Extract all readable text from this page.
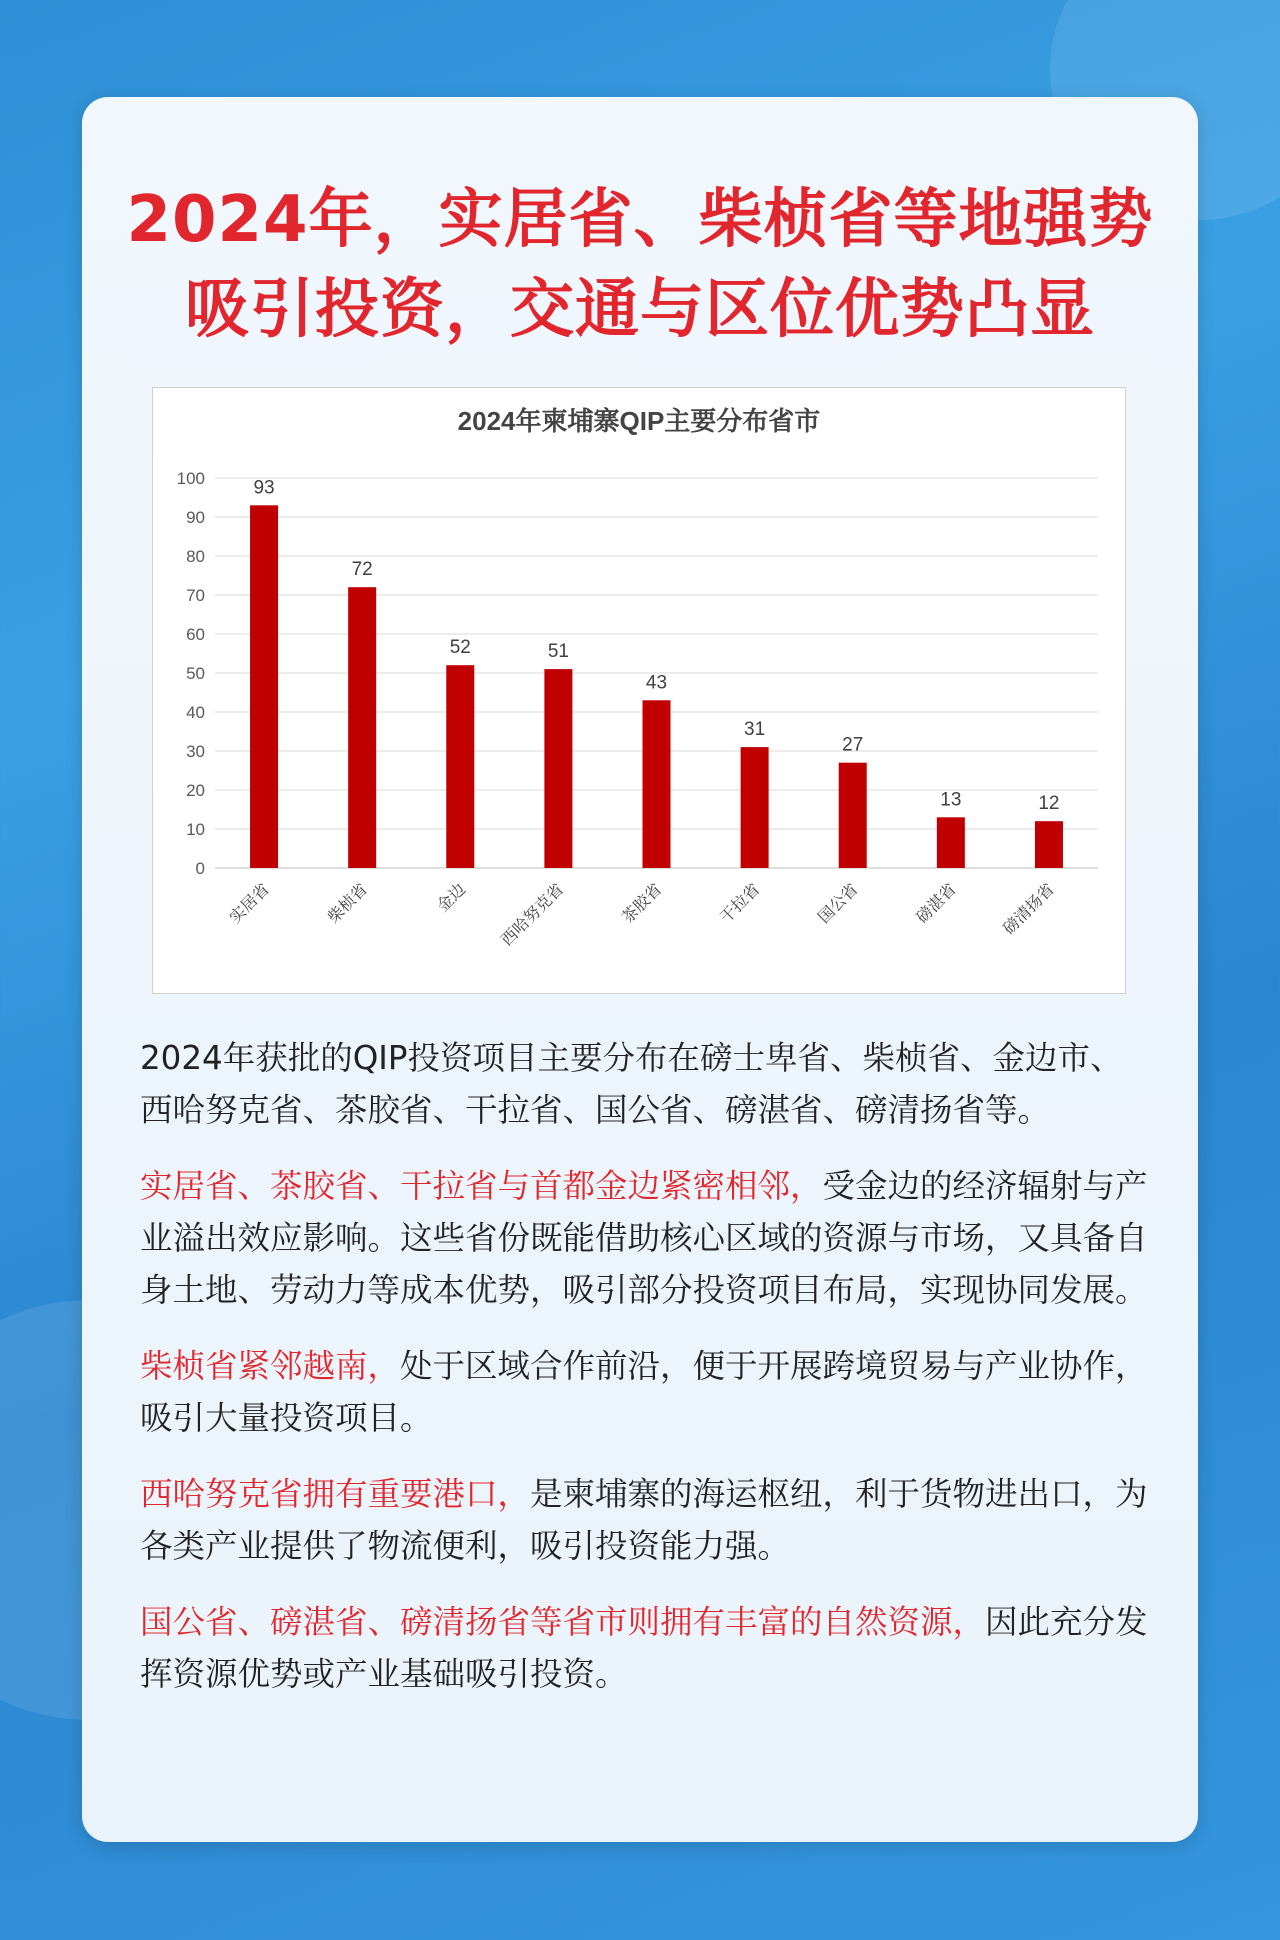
2024年，实居省、柴桢省等地强势
吸引投资，交通与区位优势凸显
2024年柬埔寨QIP主要分布省市
0
10
20
30
40
50
60
70
80
90
100	93
72
52	51
43
31
27
13	12
实居省	柴桢省	金边 西哈努克省	茶胶省	干拉省	国公省	磅湛省 磅清扬省

2024年获批的QIP投资项目主要分布在磅士卑省、柴桢省、金边市、西哈努克省、茶胶省、干拉省、国公省、磅湛省、磅清扬省等。

实居省、茶胶省、干拉省与首都金边紧密相邻，受金边的经济辐射与产业溢出效应影响。这些省份既能借助核心区域的资源与市场，又具备自身土地、劳动力等成本优势，吸引部分投资项目布局，实现协同发展。

柴桢省紧邻越南，处于区域合作前沿，便于开展跨境贸易与产业协作，吸引大量投资项目。

西哈努克省拥有重要港口，是柬埔寨的海运枢纽，利于货物进出口，为各类产业提供了物流便利，吸引投资能力强。

国公省、磅湛省、磅清扬省等省市则拥有丰富的自然资源，因此充分发挥资源优势或产业基础吸引投资。
